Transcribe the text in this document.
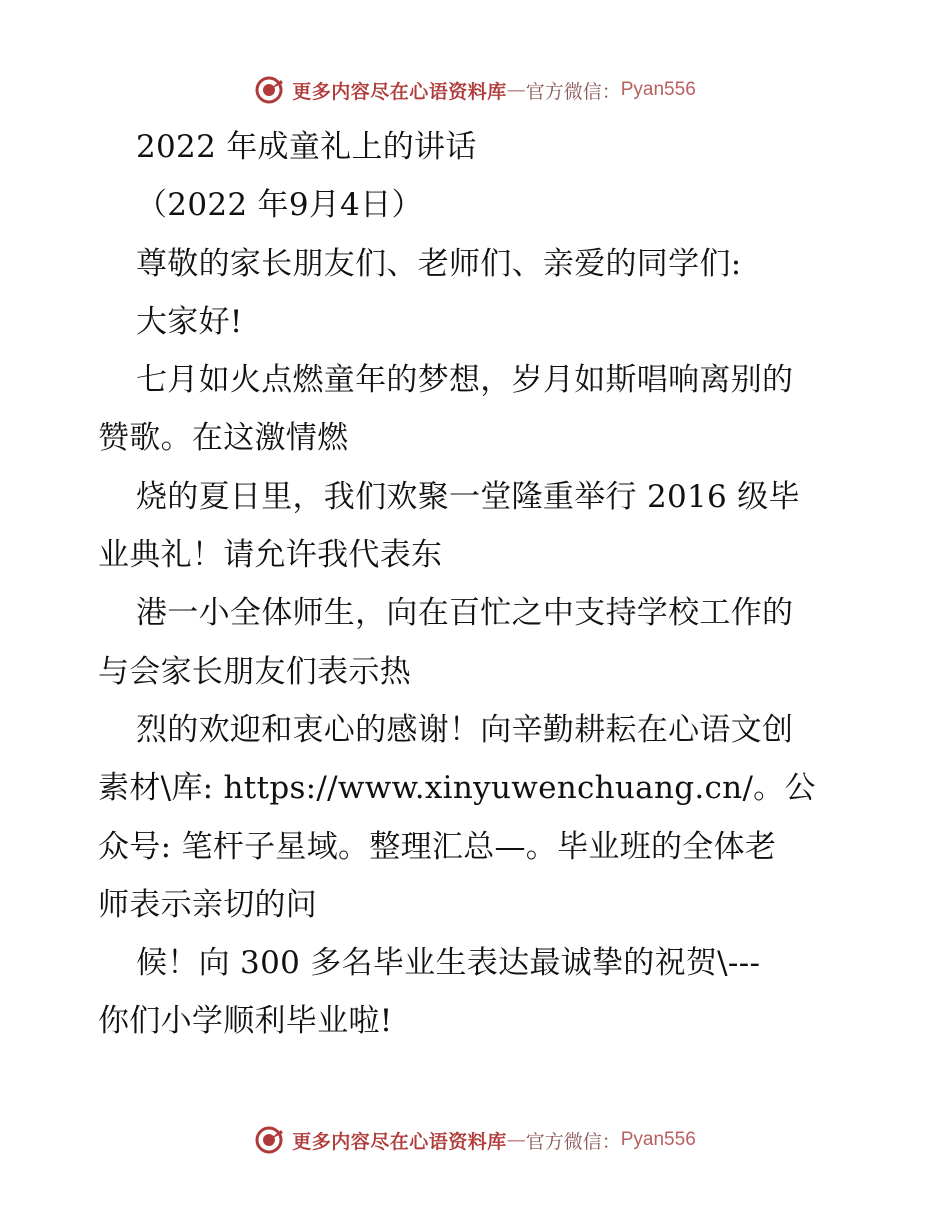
更多内容尽在心语资料库 — 官方微信： Pyan556
2022 年成童礼上的讲话
（2022 年9月4日）
尊敬的家长朋友们、老师们、亲爱的同学们:
大家好!
七月如火点燃童年的梦想，岁月如斯唱响离别的
赞歌。在这激情燃
烧的夏日里，我们欢聚一堂隆重举行 2016 级毕
业典礼！请允许我代表东
港一小全体师生，向在百忙之中支持学校工作的
与会家长朋友们表示热
烈的欢迎和衷心的感谢！向辛勤耕耘在心语文创
素材\库: https://www.xinyuwenchuang.cn/。公
众号: 笔杆子星域。整理汇总—。毕业班的全体老
师表示亲切的问
候！向 300 多名毕业生表达最诚挚的祝贺\---
你们小学顺利毕业啦!
更多内容尽在心语资料库 — 官方微信： Pyan556
